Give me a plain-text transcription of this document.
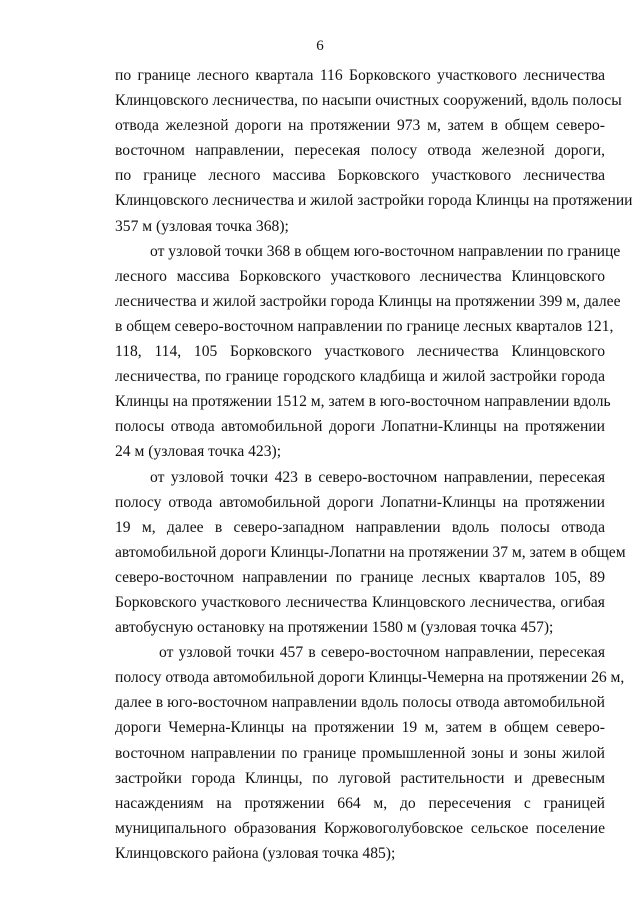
6
по границе лесного квартала 116 Борковского участкового лесничества
Клинцовского лесничества, по насыпи очистных сооружений, вдоль полосы
отвода железной дороги на протяжении 973 м, затем в общем северо-
восточном направлении, пересекая полосу отвода железной дороги,
по границе лесного массива Борковского участкового лесничества
Клинцовского лесничества и жилой застройки города Клинцы на протяжении
357 м (узловая точка 368);
от узловой точки 368 в общем юго-восточном направлении по границе
лесного массива Борковского участкового лесничества Клинцовского
лесничества и жилой застройки города Клинцы на протяжении 399 м, далее
в общем северо-восточном направлении по границе лесных кварталов 121,
118, 114, 105 Борковского участкового лесничества Клинцовского
лесничества, по границе городского кладбища и жилой застройки города
Клинцы на протяжении 1512 м, затем в юго-восточном направлении вдоль
полосы отвода автомобильной дороги Лопатни-Клинцы на протяжении
24 м (узловая точка 423);
от узловой точки 423 в северо-восточном направлении, пересекая
полосу отвода автомобильной дороги Лопатни-Клинцы на протяжении
19 м, далее в северо-западном направлении вдоль полосы отвода
автомобильной дороги Клинцы-Лопатни на протяжении 37 м, затем в общем
северо-восточном направлении по границе лесных кварталов 105, 89
Борковского участкового лесничества Клинцовского лесничества, огибая
автобусную остановку на протяжении 1580 м (узловая точка 457);
от узловой точки 457 в северо-восточном направлении, пересекая
полосу отвода автомобильной дороги Клинцы-Чемерна на протяжении 26 м,
далее в юго-восточном направлении вдоль полосы отвода автомобильной
дороги Чемерна-Клинцы на протяжении 19 м, затем в общем северо-
восточном направлении по границе промышленной зоны и зоны жилой
застройки города Клинцы, по луговой растительности и древесным
насаждениям на протяжении 664 м, до пересечения с границей
муниципального образования Коржовоголубовское сельское поселение
Клинцовского района (узловая точка 485);
